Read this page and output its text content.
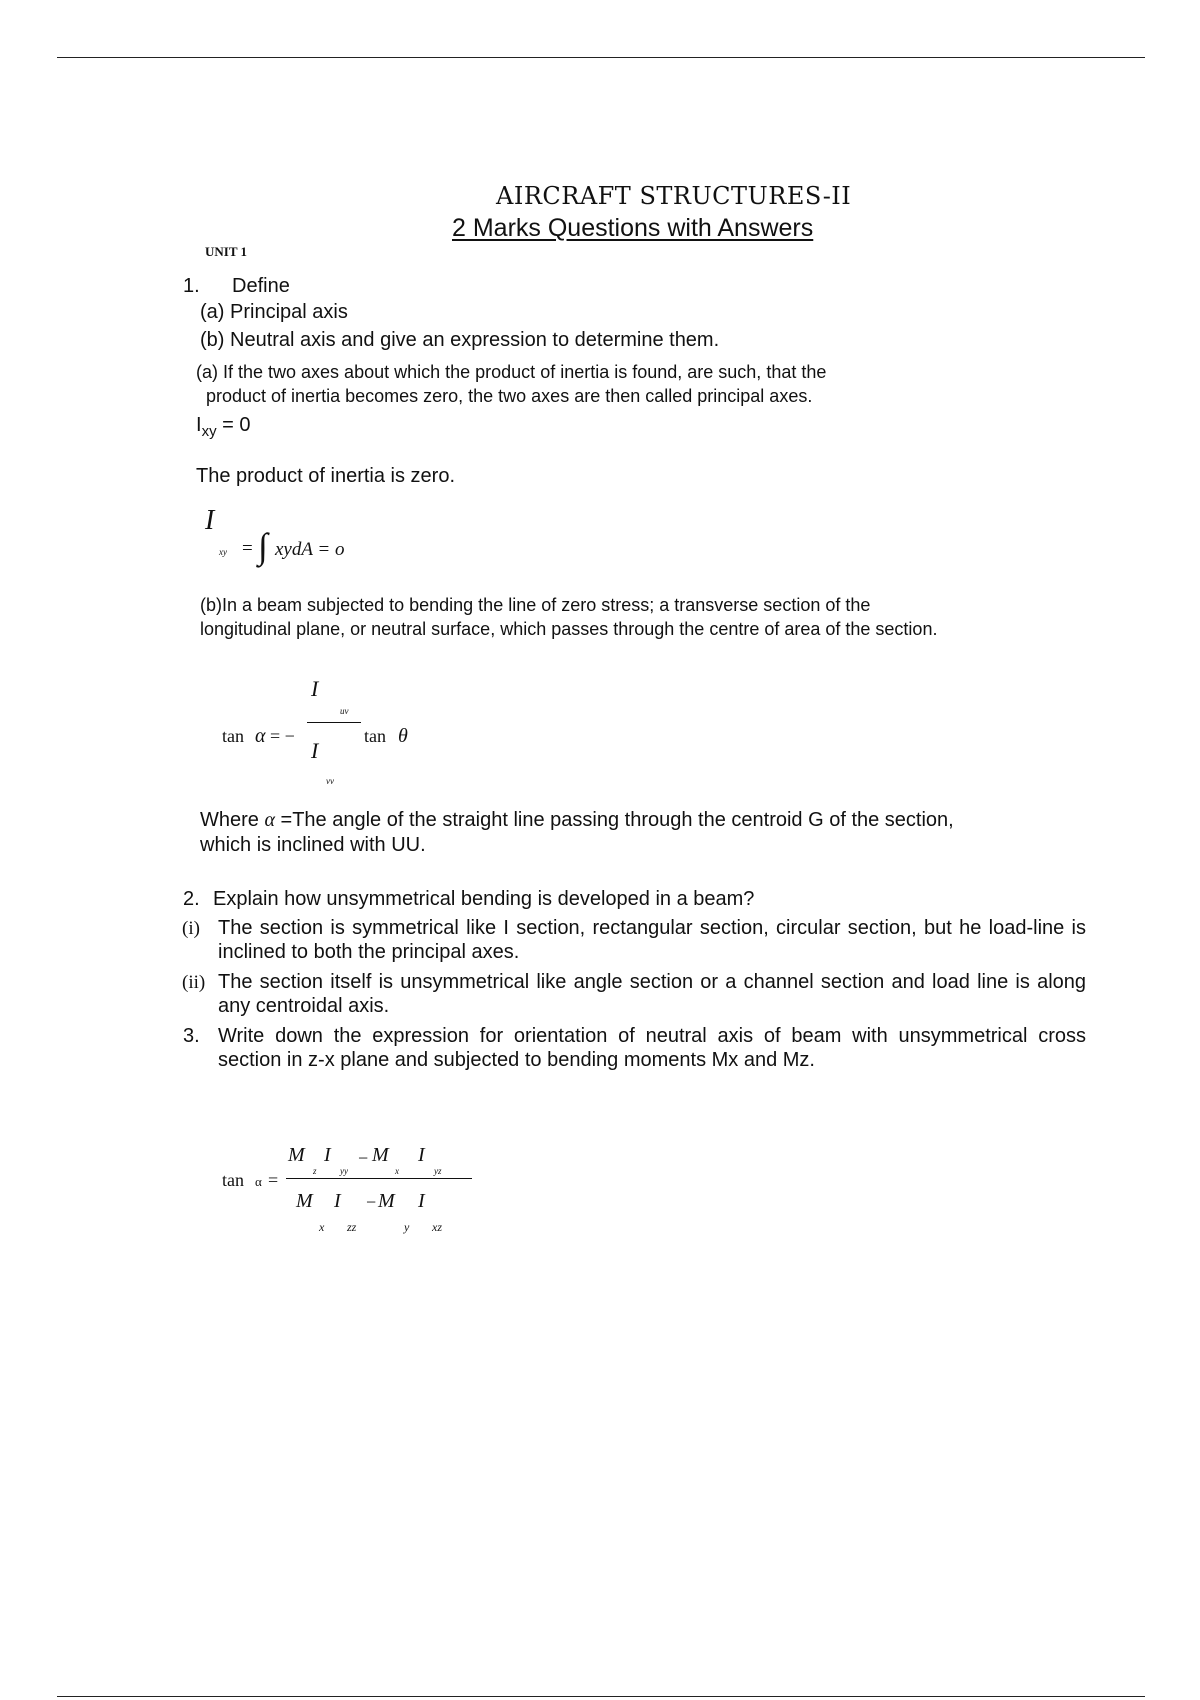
AIRCRAFT STRUCTURES-II
2 Marks Questions with Answers
UNIT 1
1. Define
(a) Principal axis
(b) Neutral axis and give an expression to determine them.
(a) If the two axes about which the product of inertia is found, are such, that the
product of inertia becomes zero, the two axes are then called principal axes.
$I_{xy} = 0$
The product of inertia is zero.
I
xy = ∫ xydA = o
(b)In a beam subjected to bending the line of zero stress; a transverse section of the
longitudinal plane, or neutral surface, which passes through the centre of area of the section.
tan α = −
I
uv
I
vv
tan θ
Where α =The angle of the straight line passing through the centroid G of the section,
which is inclined with UU.
2. Explain how unsymmetrical bending is developed in a beam?
(i) The section is symmetrical like I section, rectangular section, circular section, but he load-line is inclined to both the principal axes.
(ii) The section itself is unsymmetrical like angle section or a channel section and load line is along any centroidal axis.
3. Write down the expression for orientation of neutral axis of beam with unsymmetrical cross section in z-x plane and subjected to bending moments Mx and Mz.
tan α =
M
z
I
yy
− M
x
I
yz
M
x
I
zz
− M
y
I
xz
